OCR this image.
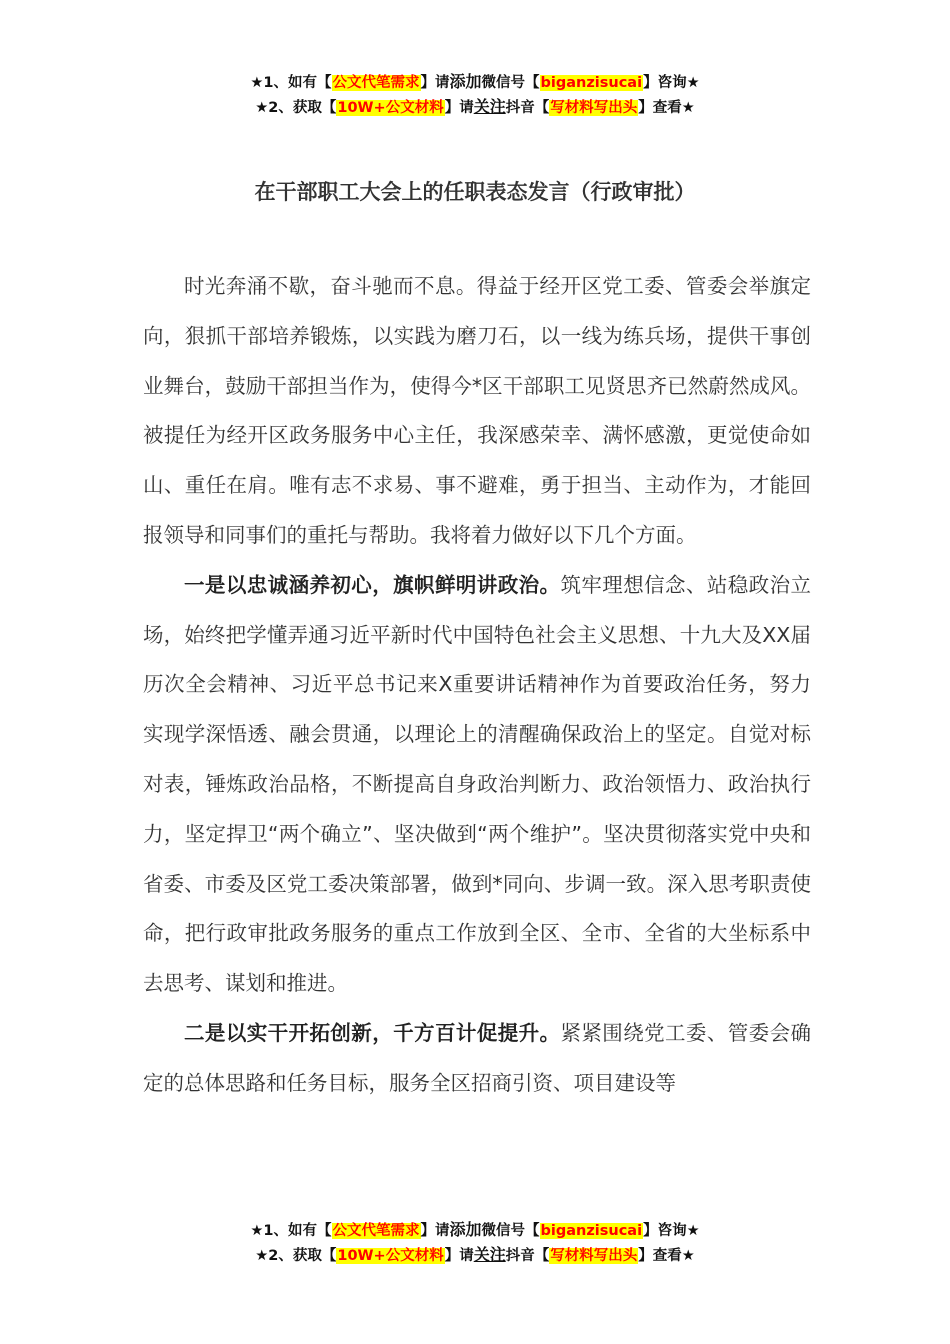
★1、如有【公文代笔需求】请添加微信号【biganzisucai】咨询★
★2、获取【10W+公文材料】请关注抖音【写材料写出头】查看★
在干部职工大会上的任职表态发言（行政审批）

时光奔涌不歇，奋斗驰而不息。得益于经开区党工委、管委会举旗定向，狠抓干部培养锻炼，以实践为磨刀石，以一线为练兵场，提供干事创业舞台，鼓励干部担当作为，使得今*区干部职工见贤思齐已然蔚然成风。被提任为经开区政务服务中心主任，我深感荣幸、满怀感激，更觉使命如山、重任在肩。唯有志不求易、事不避难，勇于担当、主动作为，才能回报领导和同事们的重托与帮助。我将着力做好以下几个方面。

一是以忠诚涵养初心，旗帜鲜明讲政治。筑牢理想信念、站稳政治立场，始终把学懂弄通习近平新时代中国特色社会主义思想、十九大及XX届历次全会精神、习近平总书记来X重要讲话精神作为首要政治任务，努力实现学深悟透、融会贯通，以理论上的清醒确保政治上的坚定。自觉对标对表，锤炼政治品格，不断提高自身政治判断力、政治领悟力、政治执行力，坚定捍卫“两个确立”、坚决做到“两个维护”。坚决贯彻落实党中央和省委、市委及区党工委决策部署，做到*同向、步调一致。深入思考职责使命，把行政审批政务服务的重点工作放到全区、全市、全省的大坐标系中去思考、谋划和推进。

二是以实干开拓创新，千方百计促提升。紧紧围绕党工委、管委会确定的总体思路和任务目标，服务全区招商引资、项目建设等

★1、如有【公文代笔需求】请添加微信号【biganzisucai】咨询★
★2、获取【10W+公文材料】请关注抖音【写材料写出头】查看★
